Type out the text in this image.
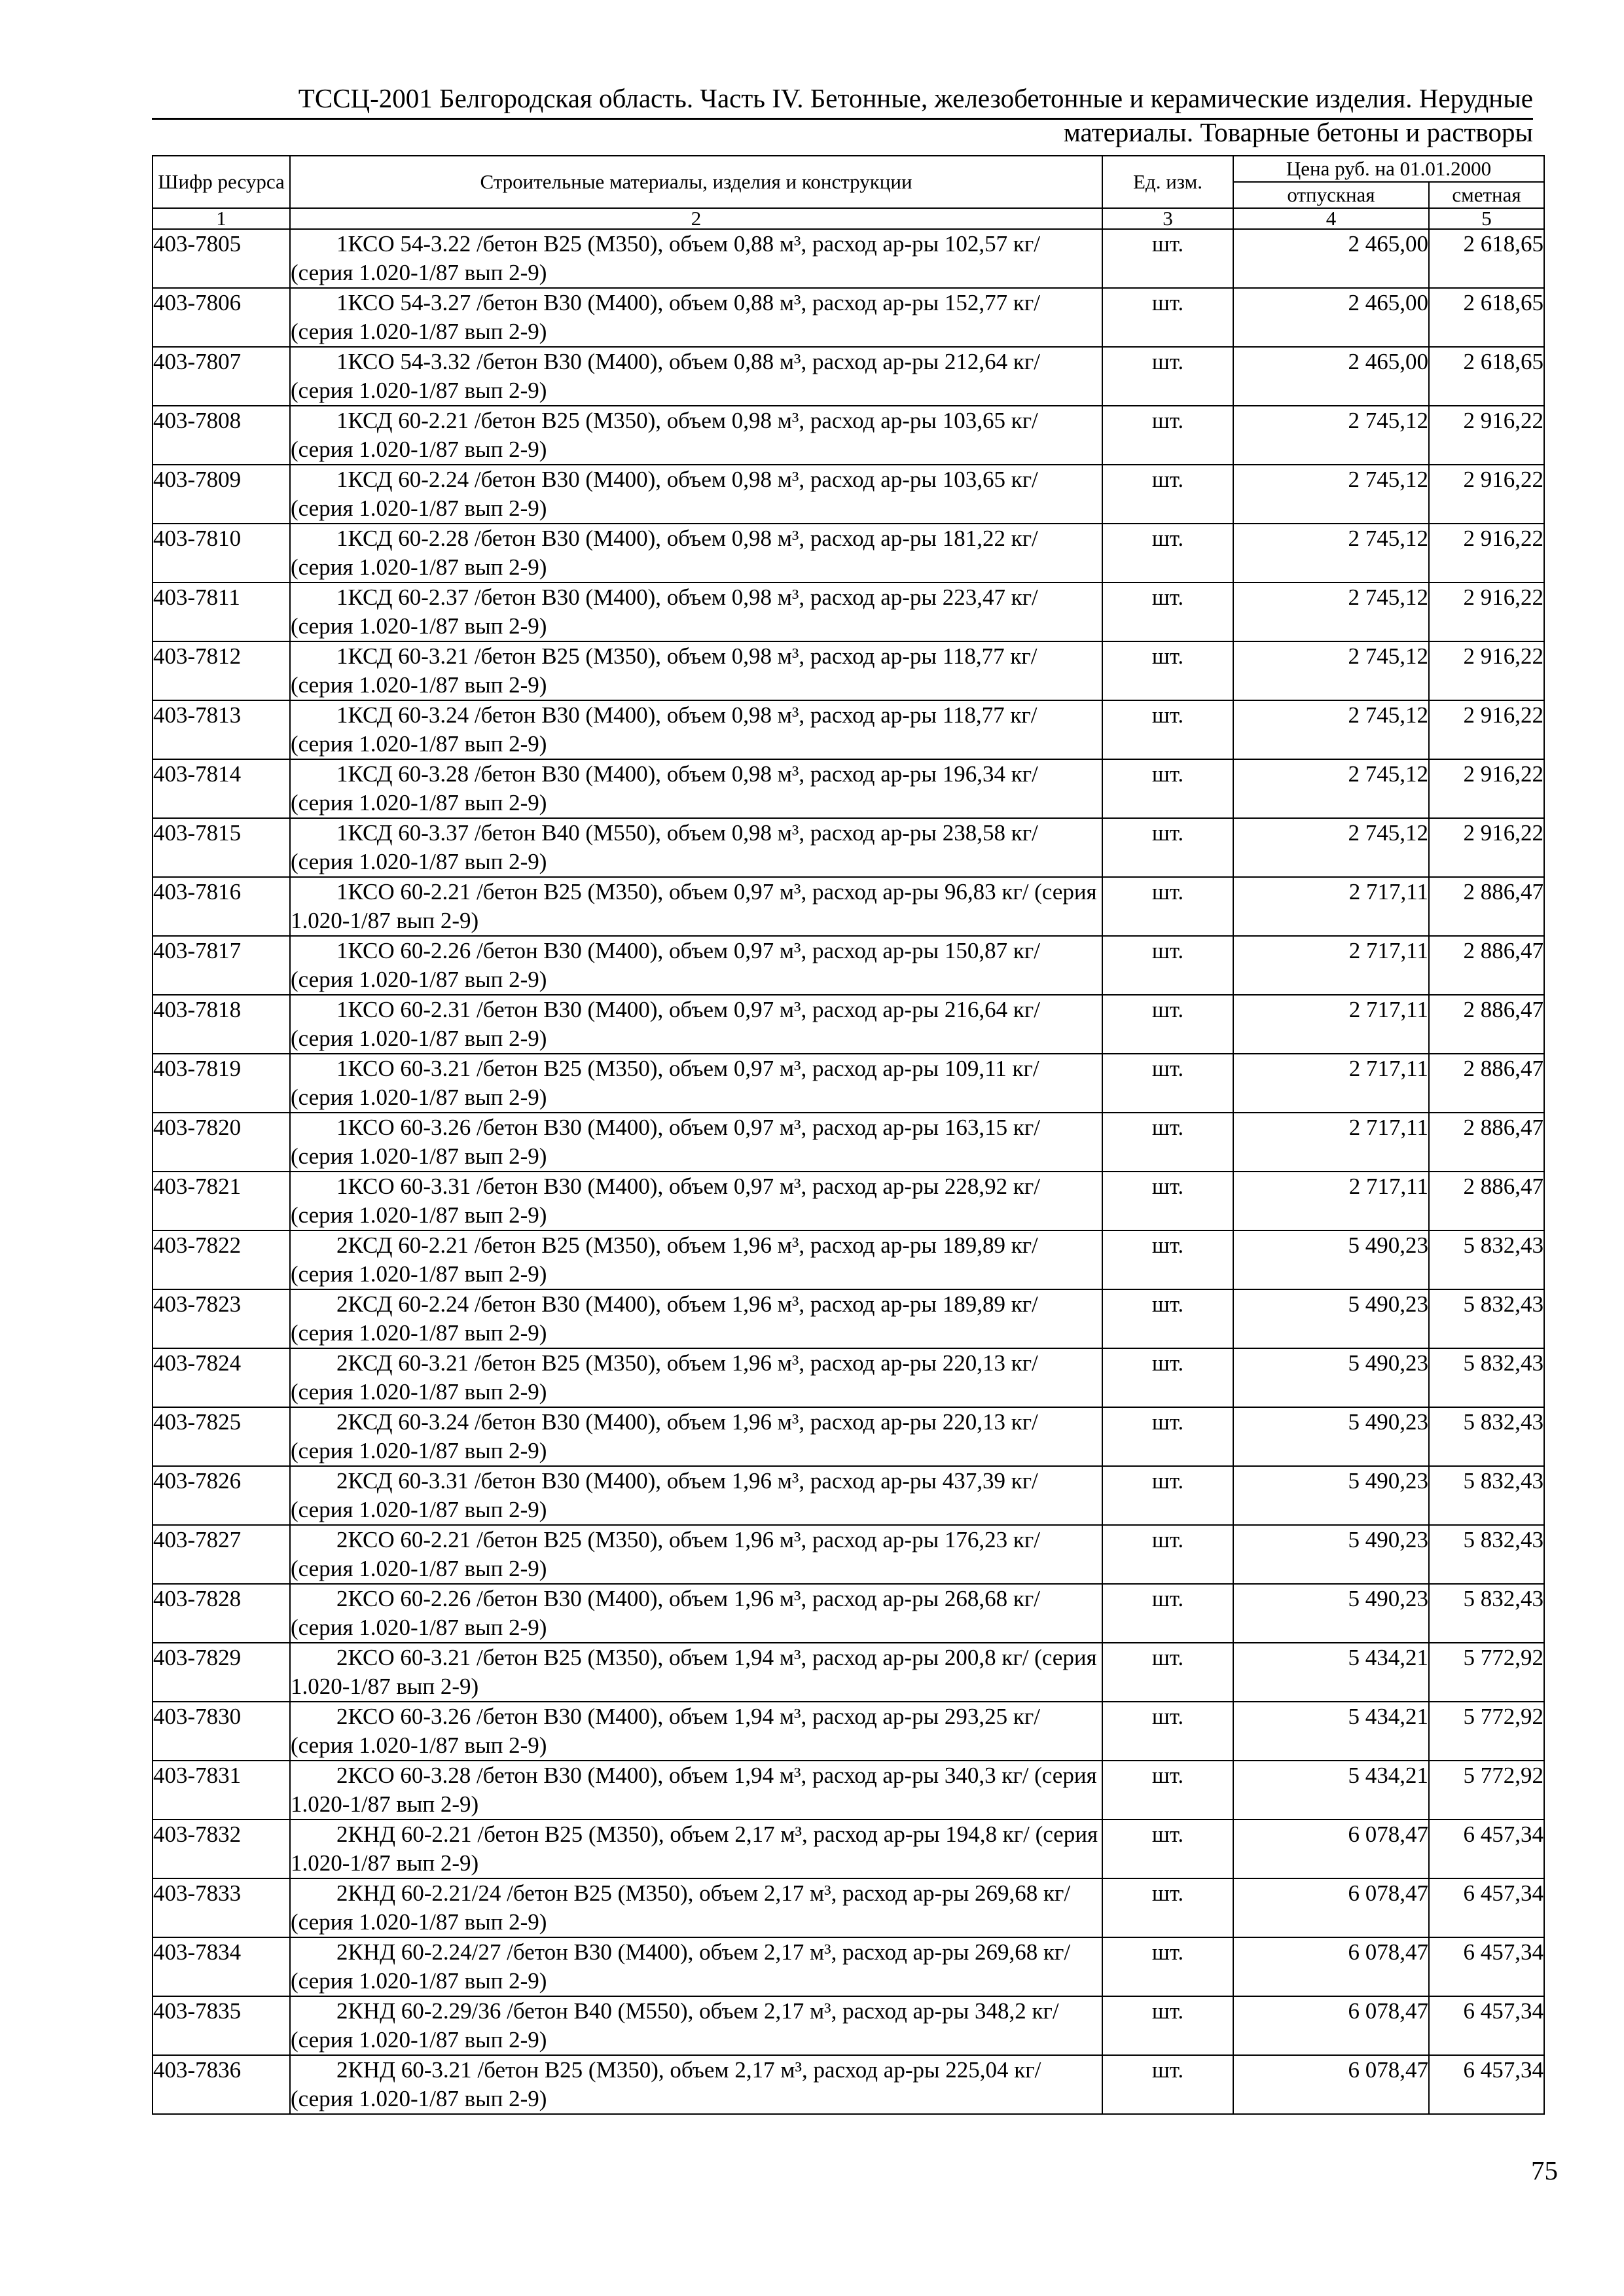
ТССЦ-2001 Белгородская область. Часть IV. Бетонные, железобетонные и керамические изделия. Нерудные
материалы. Товарные бетоны и растворы
Шифр ресурса	Строительные материалы, изделия и конструкции	Ед. изм.	Цена руб. на 01.01.2000	
			отпускная	сметная
1	2	3	4	5
403-7805	1КСО 54-3.22 /бетон В25 (М350), объем 0,88 м³, расход ар-ры 102,57 кг/ (серия 1.020-1/87 вып 2-9)	шт.	2 465,00	2 618,65
403-7806	1КСО 54-3.27 /бетон В30 (М400), объем 0,88 м³, расход ар-ры 152,77 кг/ (серия 1.020-1/87 вып 2-9)	шт.	2 465,00	2 618,65
403-7807	1КСО 54-3.32 /бетон В30 (М400), объем 0,88 м³, расход ар-ры 212,64 кг/ (серия 1.020-1/87 вып 2-9)	шт.	2 465,00	2 618,65
403-7808	1КСД 60-2.21 /бетон В25 (М350), объем 0,98 м³, расход ар-ры 103,65 кг/ (серия 1.020-1/87 вып 2-9)	шт.	2 745,12	2 916,22
403-7809	1КСД 60-2.24 /бетон В30 (М400), объем 0,98 м³, расход ар-ры 103,65 кг/ (серия 1.020-1/87 вып 2-9)	шт.	2 745,12	2 916,22
403-7810	1КСД 60-2.28 /бетон В30 (М400), объем 0,98 м³, расход ар-ры 181,22 кг/ (серия 1.020-1/87 вып 2-9)	шт.	2 745,12	2 916,22
403-7811	1КСД 60-2.37 /бетон В30 (М400), объем 0,98 м³, расход ар-ры 223,47 кг/ (серия 1.020-1/87 вып 2-9)	шт.	2 745,12	2 916,22
403-7812	1КСД 60-3.21 /бетон В25 (М350), объем 0,98 м³, расход ар-ры 118,77 кг/ (серия 1.020-1/87 вып 2-9)	шт.	2 745,12	2 916,22
403-7813	1КСД 60-3.24 /бетон В30 (М400), объем 0,98 м³, расход ар-ры 118,77 кг/ (серия 1.020-1/87 вып 2-9)	шт.	2 745,12	2 916,22
403-7814	1КСД 60-3.28 /бетон В30 (М400), объем 0,98 м³, расход ар-ры 196,34 кг/ (серия 1.020-1/87 вып 2-9)	шт.	2 745,12	2 916,22
403-7815	1КСД 60-3.37 /бетон В40 (М550), объем 0,98 м³, расход ар-ры 238,58 кг/ (серия 1.020-1/87 вып 2-9)	шт.	2 745,12	2 916,22
403-7816	1КСО 60-2.21 /бетон В25 (М350), объем 0,97 м³, расход ар-ры 96,83 кг/ (серия 1.020-1/87 вып 2-9)	шт.	2 717,11	2 886,47
403-7817	1КСО 60-2.26 /бетон В30 (М400), объем 0,97 м³, расход ар-ры 150,87 кг/ (серия 1.020-1/87 вып 2-9)	шт.	2 717,11	2 886,47
403-7818	1КСО 60-2.31 /бетон В30 (М400), объем 0,97 м³, расход ар-ры 216,64 кг/ (серия 1.020-1/87 вып 2-9)	шт.	2 717,11	2 886,47
403-7819	1КСО 60-3.21 /бетон В25 (М350), объем 0,97 м³, расход ар-ры 109,11 кг/ (серия 1.020-1/87 вып 2-9)	шт.	2 717,11	2 886,47
403-7820	1КСО 60-3.26 /бетон В30 (М400), объем 0,97 м³, расход ар-ры 163,15 кг/ (серия 1.020-1/87 вып 2-9)	шт.	2 717,11	2 886,47
403-7821	1КСО 60-3.31 /бетон В30 (М400), объем 0,97 м³, расход ар-ры 228,92 кг/ (серия 1.020-1/87 вып 2-9)	шт.	2 717,11	2 886,47
403-7822	2КСД 60-2.21 /бетон В25 (М350), объем 1,96 м³, расход ар-ры 189,89 кг/ (серия 1.020-1/87 вып 2-9)	шт.	5 490,23	5 832,43
403-7823	2КСД 60-2.24 /бетон В30 (М400), объем 1,96 м³, расход ар-ры 189,89 кг/ (серия 1.020-1/87 вып 2-9)	шт.	5 490,23	5 832,43
403-7824	2КСД 60-3.21 /бетон В25 (М350), объем 1,96 м³, расход ар-ры 220,13 кг/ (серия 1.020-1/87 вып 2-9)	шт.	5 490,23	5 832,43
403-7825	2КСД 60-3.24 /бетон В30 (М400), объем 1,96 м³, расход ар-ры 220,13 кг/ (серия 1.020-1/87 вып 2-9)	шт.	5 490,23	5 832,43
403-7826	2КСД 60-3.31 /бетон В30 (М400), объем 1,96 м³, расход ар-ры 437,39 кг/ (серия 1.020-1/87 вып 2-9)	шт.	5 490,23	5 832,43
403-7827	2КСО 60-2.21 /бетон В25 (М350), объем 1,96 м³, расход ар-ры 176,23 кг/ (серия 1.020-1/87 вып 2-9)	шт.	5 490,23	5 832,43
403-7828	2КСО 60-2.26 /бетон В30 (М400), объем 1,96 м³, расход ар-ры 268,68 кг/ (серия 1.020-1/87 вып 2-9)	шт.	5 490,23	5 832,43
403-7829	2КСО 60-3.21 /бетон В25 (М350), объем 1,94 м³, расход ар-ры 200,8 кг/ (серия 1.020-1/87 вып 2-9)	шт.	5 434,21	5 772,92
403-7830	2КСО 60-3.26 /бетон В30 (М400), объем 1,94 м³, расход ар-ры 293,25 кг/ (серия 1.020-1/87 вып 2-9)	шт.	5 434,21	5 772,92
403-7831	2КСО 60-3.28 /бетон В30 (М400), объем 1,94 м³, расход ар-ры 340,3 кг/ (серия 1.020-1/87 вып 2-9)	шт.	5 434,21	5 772,92
403-7832	2КНД 60-2.21 /бетон В25 (М350), объем 2,17 м³, расход ар-ры 194,8 кг/ (серия 1.020-1/87 вып 2-9)	шт.	6 078,47	6 457,34
403-7833	2КНД 60-2.21/24 /бетон В25 (М350), объем 2,17 м³, расход ар-ры 269,68 кг/ (серия 1.020-1/87 вып 2-9)	шт.	6 078,47	6 457,34
403-7834	2КНД 60-2.24/27 /бетон В30 (М400), объем 2,17 м³, расход ар-ры 269,68 кг/ (серия 1.020-1/87 вып 2-9)	шт.	6 078,47	6 457,34
403-7835	2КНД 60-2.29/36 /бетон В40 (М550), объем 2,17 м³, расход ар-ры 348,2 кг/ (серия 1.020-1/87 вып 2-9)	шт.	6 078,47	6 457,34
403-7836	2КНД 60-3.21 /бетон В25 (М350), объем 2,17 м³, расход ар-ры 225,04 кг/ (серия 1.020-1/87 вып 2-9)	шт.	6 078,47	6 457,34
75
